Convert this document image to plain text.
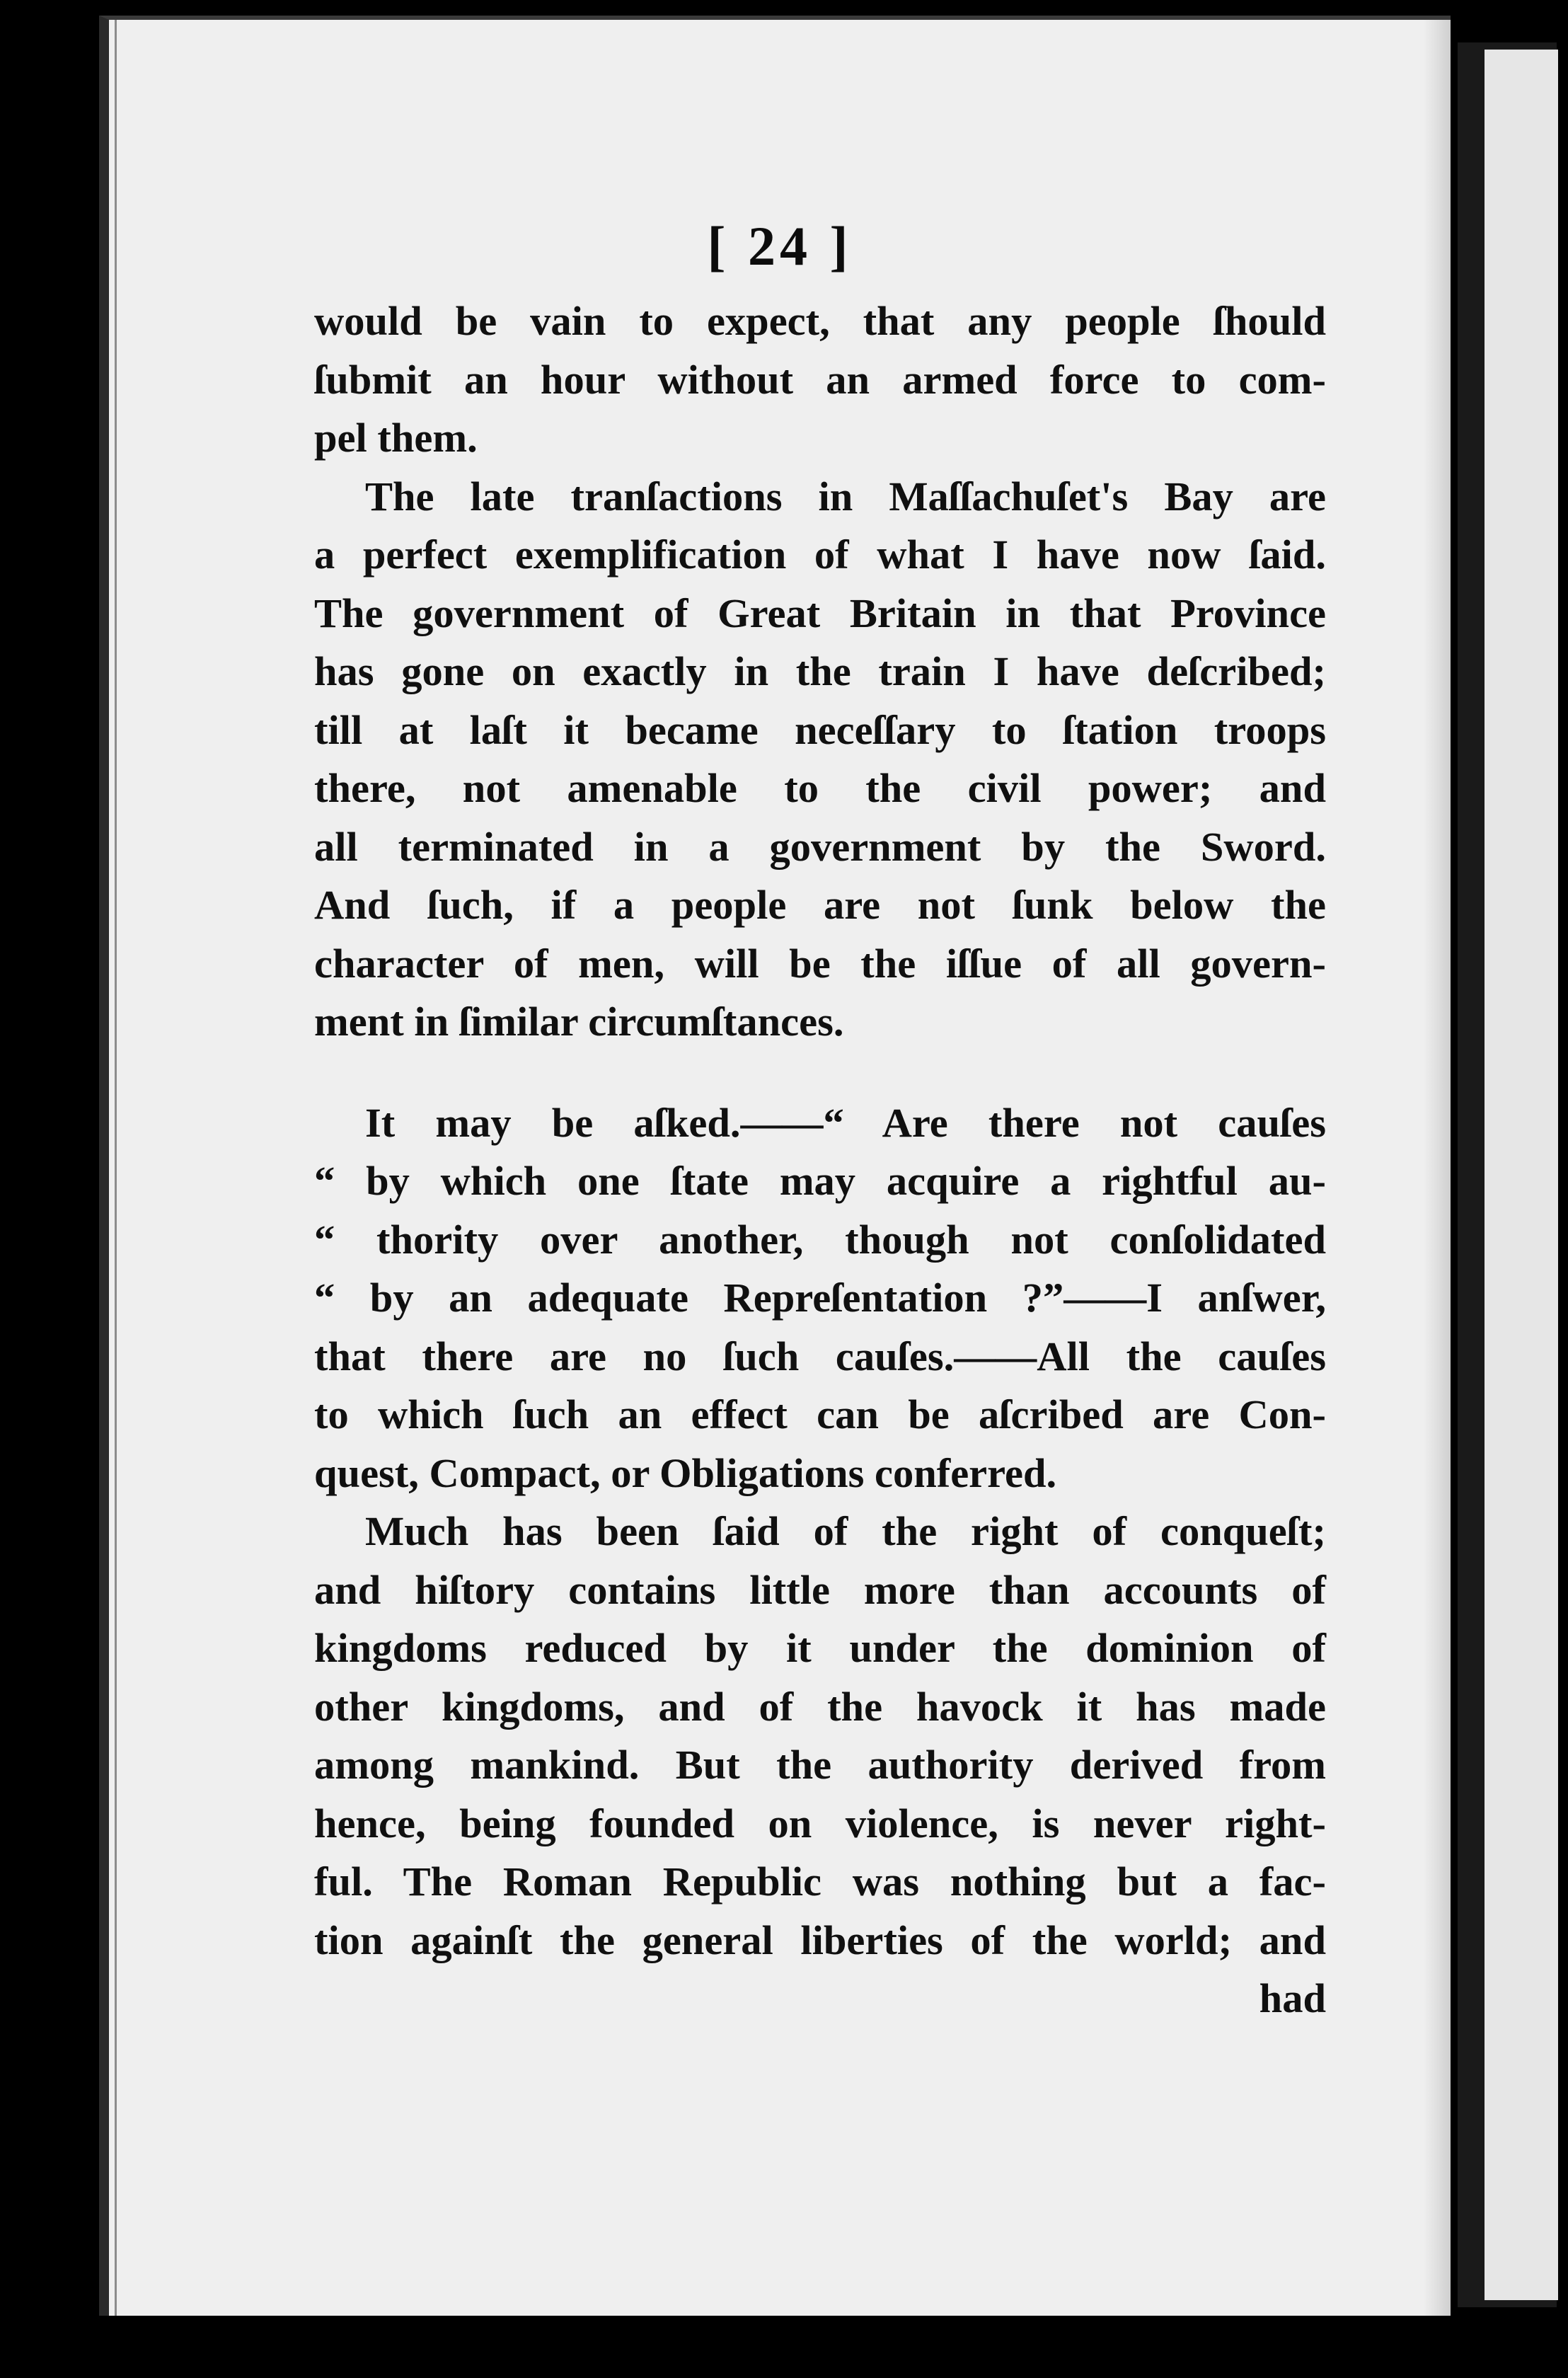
[ 24 ]
would be vain to expect, that any people ſhould
ſubmit an hour without an armed force to com-
pel them.
The late tranſactions in Maſſachuſet's Bay are
a perfect exemplification of what I have now ſaid.
The government of Great Britain in that Province
has gone on exactly in the train I have deſcribed;
till at laſt it became neceſſary to ſtation troops
there, not amenable to the civil power; and
all terminated in a government by the Sword.
And ſuch, if a people are not ſunk below the
character of men, will be the iſſue of all govern-
ment in ſimilar circumſtances.
It may be aſked.——“ Are there not cauſes
“ by which one ſtate may acquire a rightful au-
“ thority over another, though not conſolidated
“ by an adequate Repreſentation ?”——I anſwer,
that there are no ſuch cauſes.——All the cauſes
to which ſuch an effect can be aſcribed are Con-
quest, Compact, or Obligations conferred.
Much has been ſaid of the right of conqueſt;
and hiſtory contains little more than accounts of
kingdoms reduced by it under the dominion of
other kingdoms, and of the havock it has made
among mankind. But the authority derived from
hence, being founded on violence, is never right-
ful. The Roman Republic was nothing but a fac-
tion againſt the general liberties of the world; and
had
